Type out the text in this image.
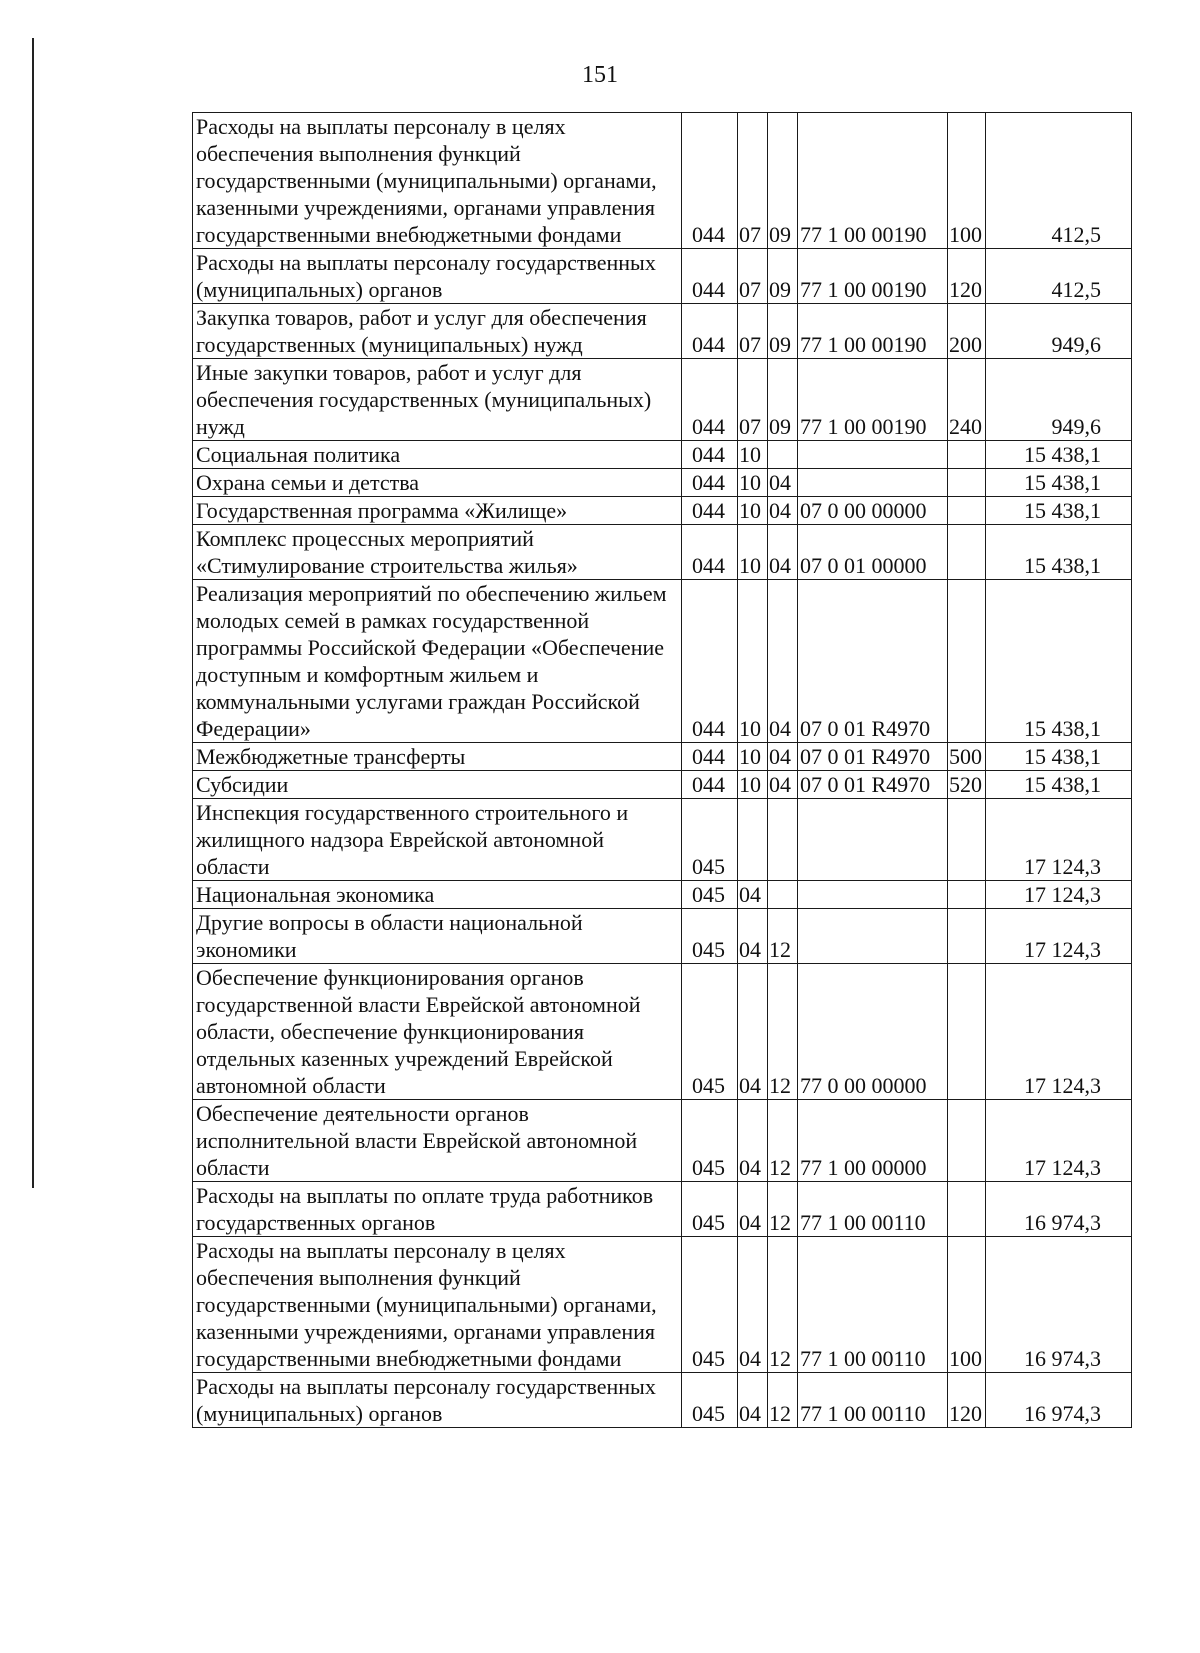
151
Расходы на выплаты персоналу в целях обеспечения выполнения функций государственными (муниципальными) органами, казенными учреждениями, органами управления государственными внебюджетными фондами	044	07	09	77 1 00 00190	100	412,5
Расходы на выплаты персоналу государственных (муниципальных) органов	044	07	09	77 1 00 00190	120	412,5
Закупка товаров, работ и услуг для обеспечения государственных (муниципальных) нужд	044	07	09	77 1 00 00190	200	949,6
Иные закупки товаров, работ и услуг для обеспечения государственных (муниципальных) нужд	044	07	09	77 1 00 00190	240	949,6
Социальная политика	044	10				15 438,1
Охрана семьи и детства	044	10	04			15 438,1
Государственная программа «Жилище»	044	10	04	07 0 00 00000		15 438,1
Комплекс процессных мероприятий «Стимулирование строительства жилья»	044	10	04	07 0 01 00000		15 438,1
Реализация мероприятий по обеспечению жильем молодых семей в рамках государственной программы Российской Федерации «Обеспечение доступным и комфортным жильем и коммунальными услугами граждан Российской Федерации»	044	10	04	07 0 01 R4970		15 438,1
Межбюджетные трансферты	044	10	04	07 0 01 R4970	500	15 438,1
Субсидии	044	10	04	07 0 01 R4970	520	15 438,1
Инспекция государственного строительного и жилищного надзора Еврейской автономной области	045					17 124,3
Национальная экономика	045	04				17 124,3
Другие вопросы в области национальной экономики	045	04	12			17 124,3
Обеспечение функционирования органов государственной власти Еврейской автономной области, обеспечение функционирования отдельных казенных учреждений Еврейской автономной области	045	04	12	77 0 00 00000		17 124,3
Обеспечение деятельности органов исполнительной власти Еврейской автономной области	045	04	12	77 1 00 00000		17 124,3
Расходы на выплаты по оплате труда работников государственных органов	045	04	12	77 1 00 00110		16 974,3
Расходы на выплаты персоналу в целях обеспечения выполнения функций государственными (муниципальными) органами, казенными учреждениями, органами управления государственными внебюджетными фондами	045	04	12	77 1 00 00110	100	16 974,3
Расходы на выплаты персоналу государственных (муниципальных) органов	045	04	12	77 1 00 00110	120	16 974,3
